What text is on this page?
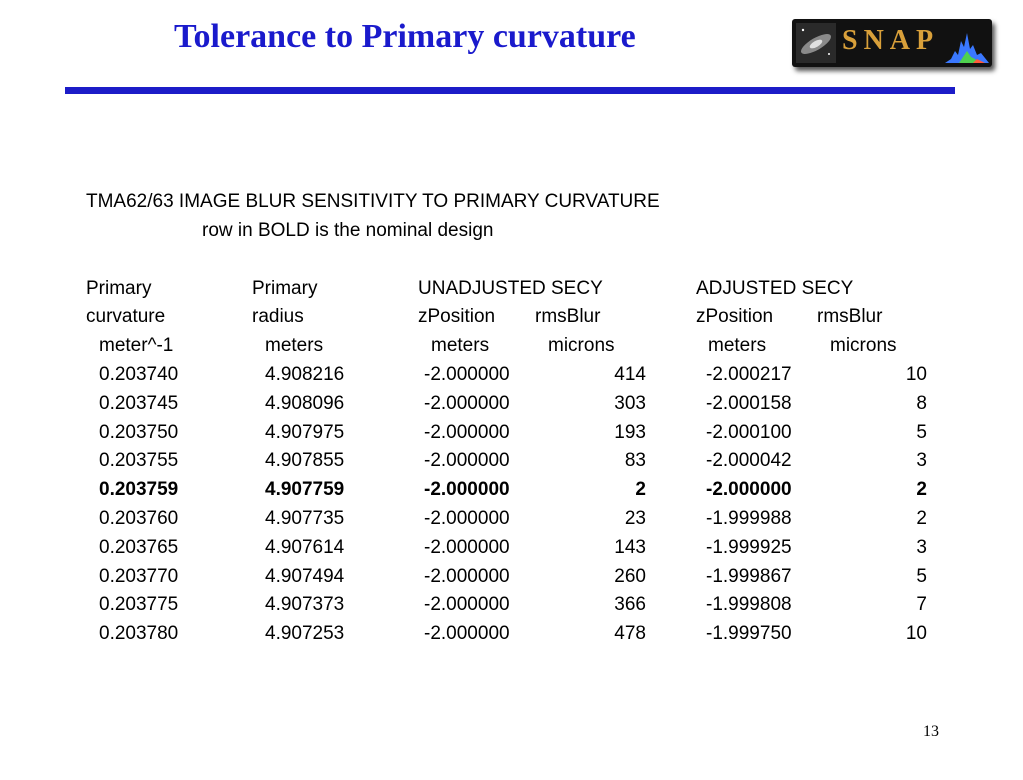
Tolerance to Primary curvature	SNAP
TMA62/63 IMAGE BLUR SENSITIVITY TO PRIMARY CURVATURE
row in BOLD is the nominal design
Primary	Primary	UNADJUSTED SECY	ADJUSTED SECY
curvature	radius	zPosition rmsBlur	zPosition rmsBlur
meter^-1	meters	meters	microns	meters	microns
0.203740	4.908216	-2.000000	414	-2.000217	10
0.203745	4.908096	-2.000000	303	-2.000158	8
0.203750	4.907975	-2.000000	193	-2.000100	5
0.203755	4.907855	-2.000000	83	-2.000042	3
0.203759	4.907759	-2.000000	2	-2.000000	2
0.203760	4.907735	-2.000000	23	-1.999988	2
0.203765	4.907614	-2.000000	143	-1.999925	3
0.203770	4.907494	-2.000000	260	-1.999867	5
0.203775	4.907373	-2.000000	366	-1.999808	7
0.203780	4.907253	-2.000000	478	-1.999750	10
13
